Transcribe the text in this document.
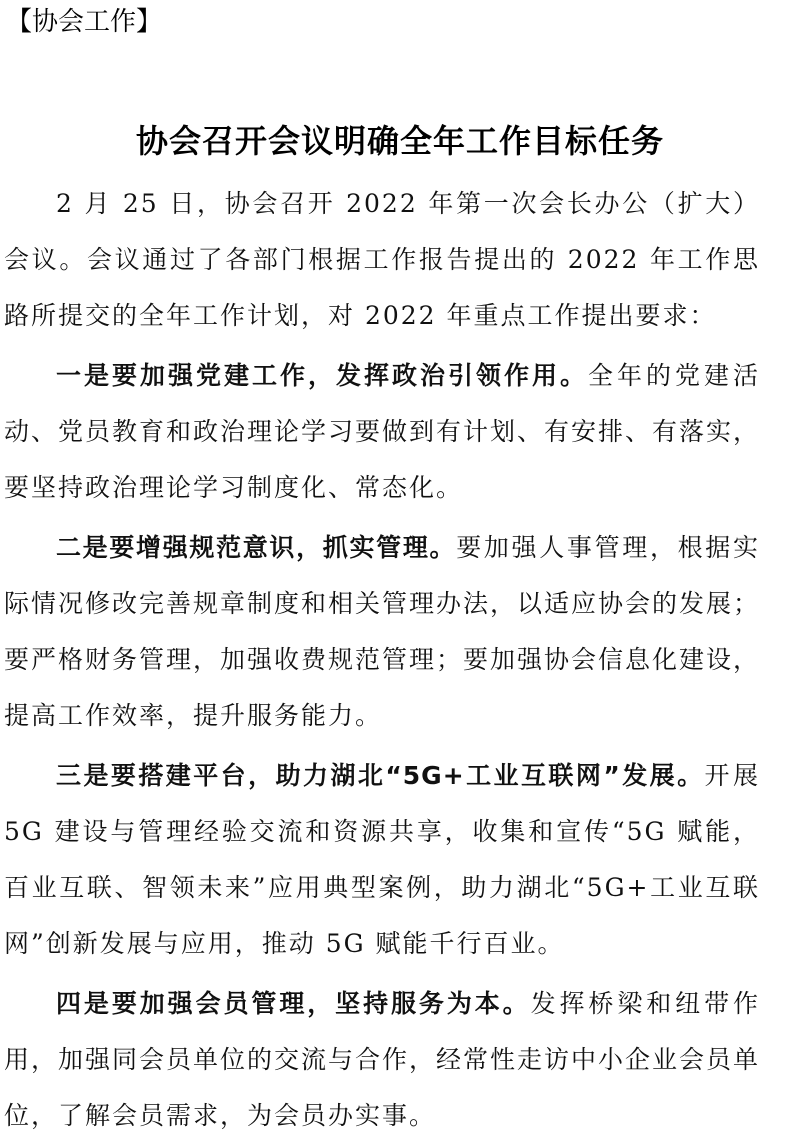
【协会工作】
协会召开会议明确全年工作目标任务

2 月 25 日，协会召开 2022 年第一次会长办公（扩大）会议。会议通过了各部门根据工作报告提出的 2022 年工作思路所提交的全年工作计划，对 2022 年重点工作提出要求：

一是要加强党建工作，发挥政治引领作用。全年的党建活动、党员教育和政治理论学习要做到有计划、有安排、有落实，要坚持政治理论学习制度化、常态化。

二是要增强规范意识，抓实管理。要加强人事管理，根据实际情况修改完善规章制度和相关管理办法，以适应协会的发展；要严格财务管理，加强收费规范管理；要加强协会信息化建设，提高工作效率，提升服务能力。

三是要搭建平台，助力湖北“5G+工业互联网”发展。开展 5G 建设与管理经验交流和资源共享，收集和宣传“5G 赋能，百业互联、智领未来”应用典型案例，助力湖北“5G+工业互联网”创新发展与应用，推动 5G 赋能千行百业。

四是要加强会员管理，坚持服务为本。发挥桥梁和纽带作用，加强同会员单位的交流与合作，经常性走访中小企业会员单位，了解会员需求，为会员办实事。
